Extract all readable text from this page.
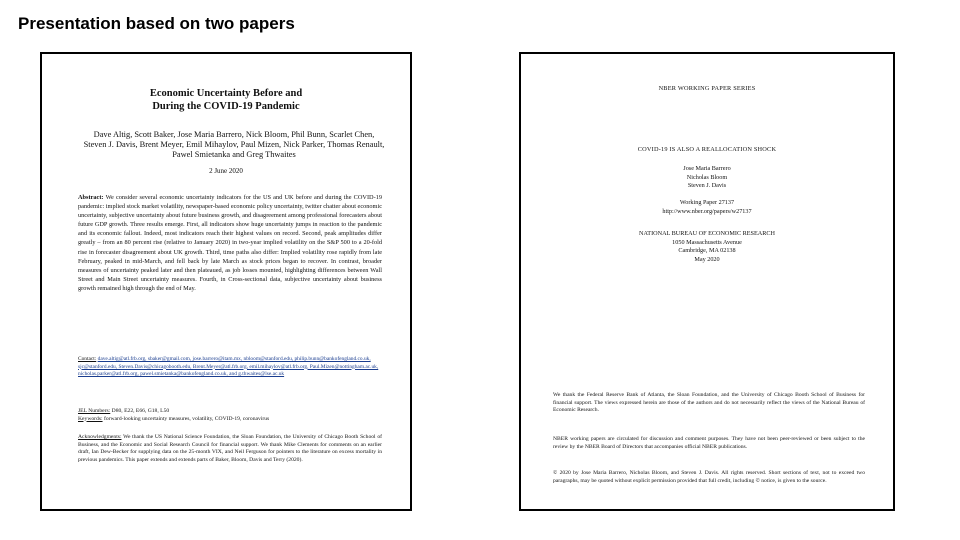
Presentation based on two papers
Economic Uncertainty Before and
During the COVID-19 Pandemic
Dave Altig, Scott Baker, Jose Maria Barrero, Nick Bloom, Phil Bunn, Scarlet Chen, Steven J. Davis, Brent Meyer, Emil Mihaylov, Paul Mizen, Nick Parker, Thomas Renault, Pawel Smietanka and Greg Thwaites
2 June 2020
Abstract: We consider several economic uncertainty indicators for the US and UK before and during the COVID-19 pandemic: implied stock market volatility, newspaper-based economic policy uncertainty, twitter chatter about economic uncertainty, subjective uncertainty about future business growth, and disagreement among professional forecasters about future GDP growth. Three results emerge. First, all indicators show huge uncertainty jumps in reaction to the pandemic and its economic fallout. Indeed, most indicators reach their highest values on record. Second, peak amplitudes differ greatly – from an 80 percent rise (relative to January 2020) in two-year implied volatility on the S&P 500 to a 20-fold rise in forecaster disagreement about UK growth. Third, time paths also differ: Implied volatility rose rapidly from late February, peaked in mid-March, and fell back by late March as stock prices began to recover. In contrast, broader measures of uncertainty peaked later and then plateaued, as job losses mounted, highlighting differences between Wall Street and Main Street uncertainty measures. Fourth, in Cross-sectional data, subjective uncertainty about business growth remained high through the end of May.
Contact: dave.altig@atl.frb.org, sbaker@gmail.com, jose.barrero@itam.mx, nbloom@stanford.edu, philip.bunn@bankofengland.co.uk, sjc@stanford.edu, Steven.Davis@chicagobooth.edu, Brent.Meyer@atl.frb.org, emil.mihaylov@atl.frb.org, Paul.Mizen@nottingham.ac.uk, nicholas.parker@atl.frb.org, pawel.smietanka@bankofengland.co.uk, and g.thwaites@lse.ac.uk
JEL Numbers: D80, E22, E66, G18, L50
Keywords: forward-looking uncertainty measures, volatility, COVID-19, coronavirus
Acknowledgments: We thank the US National Science Foundation, the Sloan Foundation, the University of Chicago Booth School of Business, and the Economic and Social Research Council for financial support. We thank Mike Clements for comments on an earlier draft, Ian Dew-Becker for supplying data on the 25-month VIX, and Neil Ferguson for pointers to the literature on excess mortality in previous pandemics. This paper extends and extends parts of Baker, Bloom, Davis and Terry (2020).
NBER WORKING PAPER SERIES
COVID-19 IS ALSO A REALLOCATION SHOCK
Jose Maria Barrero
Nicholas Bloom
Steven J. Davis
Working Paper 27137
http://www.nber.org/papers/w27137
NATIONAL BUREAU OF ECONOMIC RESEARCH
1050 Massachusetts Avenue
Cambridge, MA 02138
May 2020
We thank the Federal Reserve Bank of Atlanta, the Sloan Foundation, and the University of Chicago Booth School of Business for financial support. The views expressed herein are those of the authors and do not necessarily reflect the views of the National Bureau of Economic Research.
NBER working papers are circulated for discussion and comment purposes. They have not been peer-reviewed or been subject to the review by the NBER Board of Directors that accompanies official NBER publications.
© 2020 by Jose Maria Barrero, Nicholas Bloom, and Steven J. Davis. All rights reserved. Short sections of text, not to exceed two paragraphs, may be quoted without explicit permission provided that full credit, including © notice, is given to the source.
